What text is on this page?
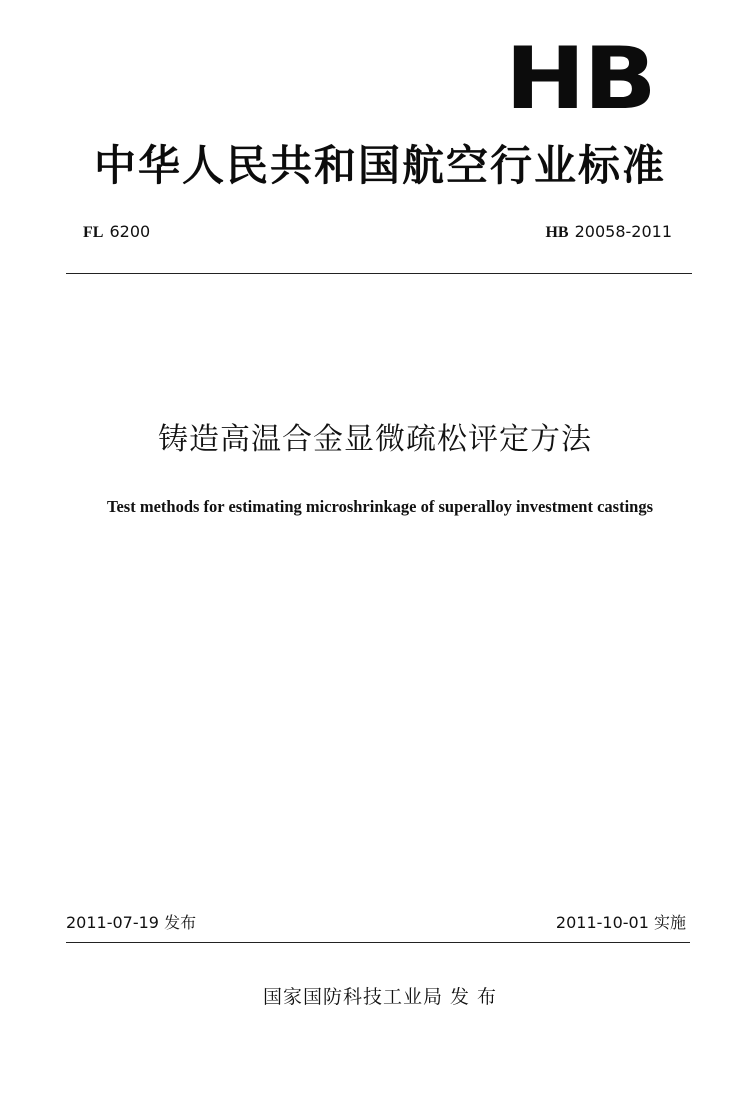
HB
中华人民共和国航空行业标准
FL 6200	HB 20058-2011
铸造高温合金显微疏松评定方法
Test methods for estimating microshrinkage of superalloy investment castings
2011-07-19 发布	2011-10-01 实施
国家国防科技工业局 发 布
